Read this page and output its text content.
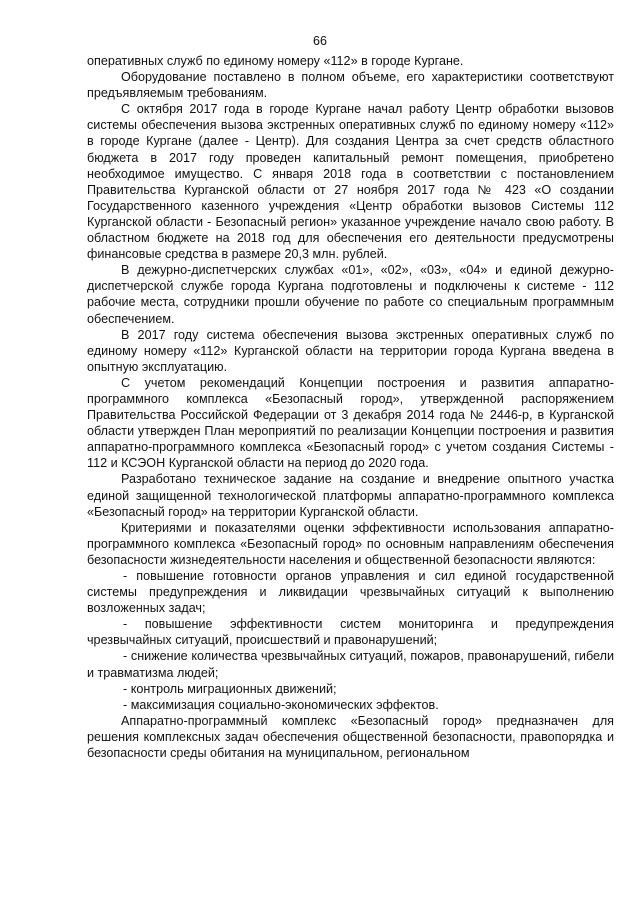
66

оперативных служб по единому номеру «112» в городе Кургане.

Оборудование поставлено в полном объеме, его характеристики соответствуют предъявляемым требованиям.

С октября 2017 года в городе Кургане начал работу Центр обработки вызовов системы обеспечения вызова экстренных оперативных служб по единому номеру «112» в городе Кургане (далее - Центр). Для создания Центра за счет средств областного бюджета в 2017 году проведен капитальный ремонт помещения, приобретено необходимое имущество. С января 2018 года в соответствии с постановлением Правительства Курганской области от 27 ноября 2017 года № 423 «О создании Государственного казенного учреждения «Центр обработки вызовов Системы 112 Курганской области - Безопасный регион» указанное учреждение начало свою работу. В областном бюджете на 2018 год для обеспечения его деятельности предусмотрены финансовые средства в размере 20,3 млн. рублей.

В дежурно-диспетчерских службах «01», «02», «03», «04» и единой дежурно-диспетчерской службе города Кургана подготовлены и подключены к системе - 112 рабочие места, сотрудники прошли обучение по работе со специальным программным обеспечением.

В 2017 году система обеспечения вызова экстренных оперативных служб по единому номеру «112» Курганской области на территории города Кургана введена в опытную эксплуатацию.

С учетом рекомендаций Концепции построения и развития аппаратно-программного комплекса «Безопасный город», утвержденной распоряжением Правительства Российской Федерации от 3 декабря 2014 года № 2446-р, в Курганской области утвержден План мероприятий по реализации Концепции построения и развития аппаратно-программного комплекса «Безопасный город» с учетом создания Системы - 112 и КСЭОН Курганской области на период до 2020 года.

Разработано техническое задание на создание и внедрение опытного участка единой защищенной технологической платформы аппаратно-программного комплекса «Безопасный город» на территории Курганской области.

Критериями и показателями оценки эффективности использования аппаратно-программного комплекса «Безопасный город» по основным направлениям обеспечения безопасности жизнедеятельности населения и общественной безопасности являются:

- повышение готовности органов управления и сил единой государственной системы предупреждения и ликвидации чрезвычайных ситуаций к выполнению возложенных задач;

- повышение эффективности систем мониторинга и предупреждения чрезвычайных ситуаций, происшествий и правонарушений;

- снижение количества чрезвычайных ситуаций, пожаров, правонарушений, гибели и травматизма людей;

- контроль миграционных движений;

- максимизация социально-экономических эффектов.

Аппаратно-программный комплекс «Безопасный город» предназначен для решения комплексных задач обеспечения общественной безопасности, правопорядка и безопасности среды обитания на муниципальном, региональном
